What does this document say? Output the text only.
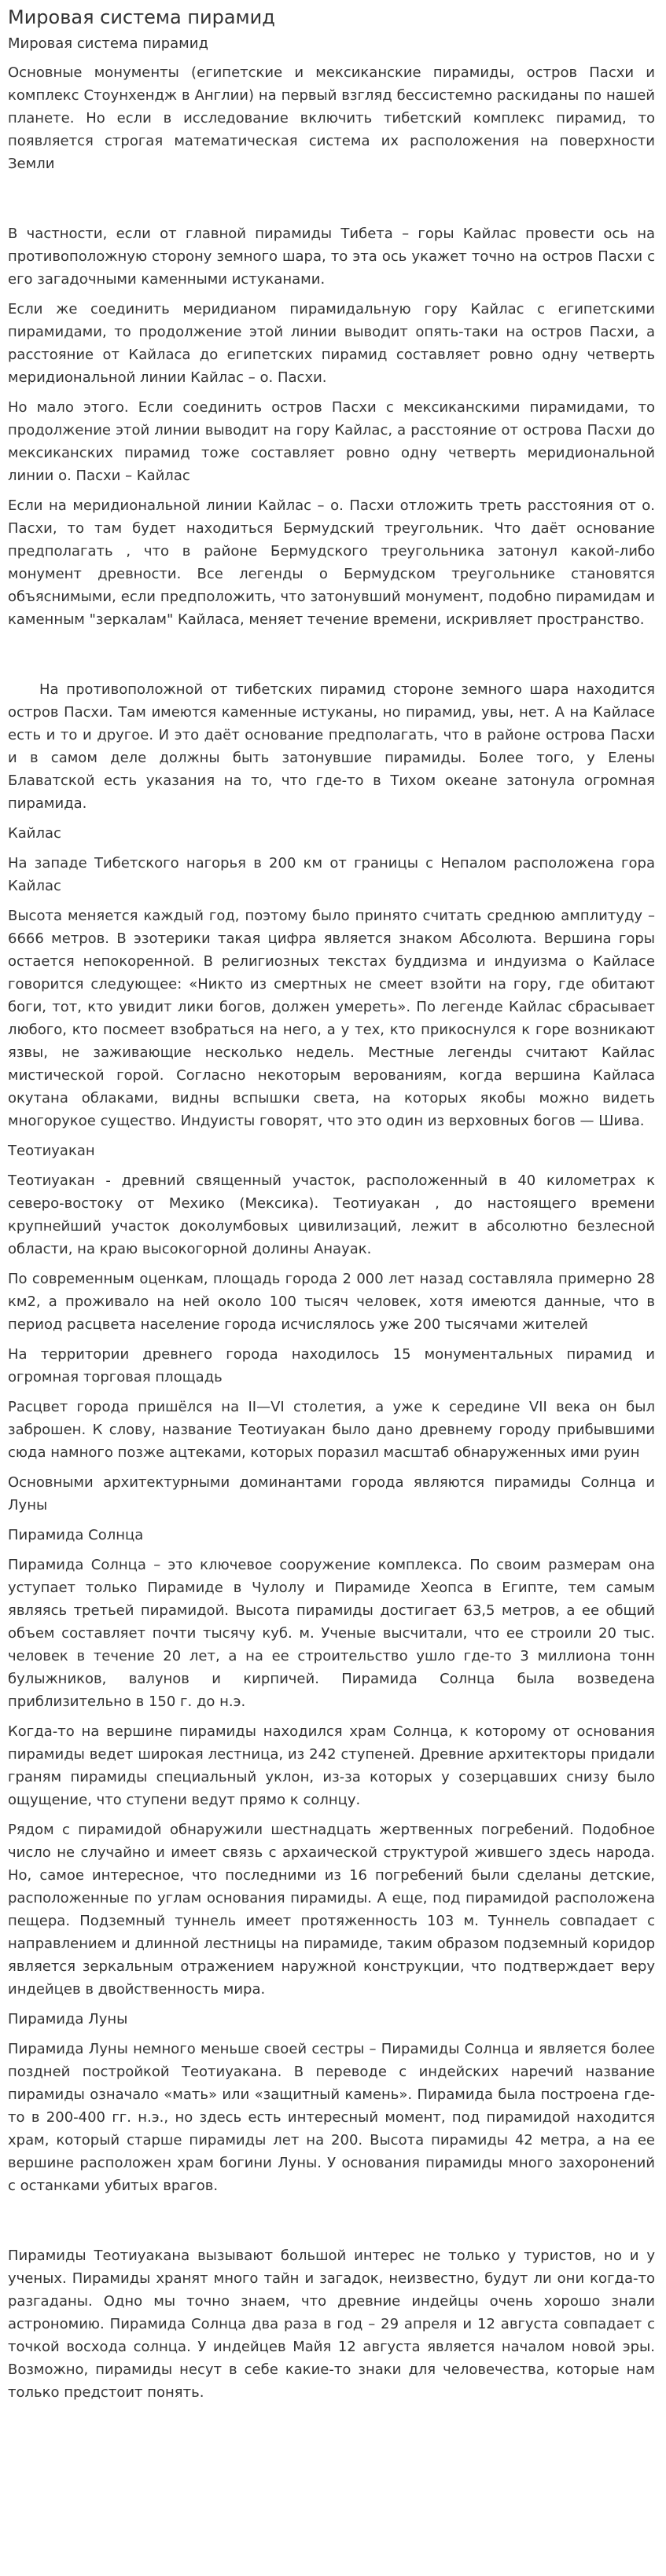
Мировая система пирамид
Мировая система пирамид

Основные монументы (египетские и мексиканские пирамиды, остров Пасхи и комплекс Стоунхендж в Англии) на первый взгляд бессистемно раскиданы по нашей планете. Но если в исследование включить тибетский комплекс пирамид, то появляется строгая математическая система их расположения на поверхности Земли

В частности, если от главной пирамиды Тибета – горы Кайлас провести ось на противоположную сторону земного шара, то эта ось укажет точно на остров Пасхи с его загадочными каменными истуканами.

Если же соединить меридианом пирамидальную гору Кайлас с египетскими пирамидами, то продолжение этой линии выводит опять-таки на остров Пасхи, а расстояние от Кайласа до египетских пирамид составляет ровно одну четверть меридиональной линии Кайлас – о. Пасхи.

Но мало этого. Если соединить остров Пасхи с мексиканскими пирамидами, то продолжение этой линии выводит на гору Кайлас, а расстояние от острова Пасхи до мексиканских пирамид тоже составляет ровно одну четверть меридиональной линии о. Пасхи – Кайлас

Если на меридиональной линии Кайлас – о. Пасхи отложить треть расстояния от о. Пасхи, то там будет находиться Бермудский треугольник. Что даёт основание предполагать , что в районе Бермудского треугольника затонул какой-либо монумент древности. Все легенды о Бермудском треугольнике становятся объяснимыми, если предположить, что затонувший монумент, подобно пирамидам и каменным "зеркалам" Кайласа, меняет течение времени, искривляет пространство.

На противоположной от тибетских пирамид стороне земного шара находится остров Пасхи. Там имеются каменные истуканы, но пирамид, увы, нет. А на Кайласе есть и то и другое. И это даёт основание предполагать, что в районе острова Пасхи и в самом деле должны быть затонувшие пирамиды. Более того, у Елены Блаватской есть указания на то, что где-то в Тихом океане затонула огромная пирамида.

Кайлас

На западе Тибетского нагорья в 200 км от границы с Непалом расположена гора Кайлас

Высота меняется каждый год, поэтому было принято считать среднюю амплитуду –6666 метров. В эзотерики такая цифра является знаком Абсолюта. Вершина горы остается непокоренной. В религиозных текстах буддизма и индуизма о Кайласе говорится следующее: «Никто из смертных не смеет взойти на гору, где обитают боги, тот, кто увидит лики богов, должен умереть». По легенде Кайлас сбрасывает любого, кто посмеет взобраться на него, а у тех, кто прикоснулся к горе возникают язвы, не заживающие несколько недель. Местные легенды считают Кайлас мистической горой. Согласно некоторым верованиям, когда вершина Кайласа окутана облаками, видны вспышки света, на которых якобы можно видеть многорукое существо. Индуисты говорят, что это один из верховных богов — Шива.

Теотиуакан

Теотиуакан - древний священный участок, расположенный в 40 километрах к северо-востоку от Мехико (Мексика). Теотиуакан , до настоящего времени крупнейший участок доколумбовых цивилизаций, лежит в абсолютно безлесной области, на краю высокогорной долины Анауак.

По современным оценкам, площадь города 2 000 лет назад составляла примерно 28 км2, а проживало на ней около 100 тысяч человек, хотя имеются данные, что в период расцвета население города исчислялось уже 200 тысячами жителей

На территории древнего города находилось 15 монументальных пирамид и огромная торговая площадь

Расцвет города пришёлся на II—VI столетия, а уже к середине VII века он был заброшен. К слову, название Теотиуакан было дано древнему городу прибывшими сюда намного позже ацтеками, которых поразил масштаб обнаруженных ими руин

Основными архитектурными доминантами города являются пирамиды Солнца и Луны

Пирамида Солнца

Пирамида Солнца – это ключевое сооружение комплекса. По своим размерам она уступает только Пирамиде в Чулолу и Пирамиде Хеопса в Египте, тем самым являясь третьей пирамидой. Высота пирамиды достигает 63,5 метров, а ее общий объем составляет почти тысячу куб. м. Ученые высчитали, что ее строили 20 тыс. человек в течение 20 лет, а на ее строительство ушло где-то 3 миллиона тонн булыжников, валунов и кирпичей. Пирамида Солнца была возведена приблизительно в 150 г. до н.э.

Когда-то на вершине пирамиды находился храм Солнца, к которому от основания пирамиды ведет широкая лестница, из 242 ступеней. Древние архитекторы придали граням пирамиды специальный уклон, из-за которых у созерцавших снизу было ощущение, что ступени ведут прямо к солнцу.

Рядом с пирамидой обнаружили шестнадцать жертвенных погребений. Подобное число не случайно и имеет связь с архаической структурой жившего здесь народа. Но, самое интересное, что последними из 16 погребений были сделаны детские, расположенные по углам основания пирамиды. А еще, под пирамидой расположена пещера. Подземный туннель имеет протяженность 103 м. Туннель совпадает с направлением и длинной лестницы на пирамиде, таким образом подземный коридор является зеркальным отражением наружной конструкции, что подтверждает веру индейцев в двойственность мира.

Пирамида Луны

Пирамида Луны немного меньше своей сестры – Пирамиды Солнца и является более поздней постройкой Теотиуакана. В переводе с индейских наречий название пирамиды означало «мать» или «защитный камень». Пирамида была построена где-то в 200-400 гг. н.э., но здесь есть интересный момент, под пирамидой находится храм, который старше пирамиды лет на 200. Высота пирамиды 42 метра, а на ее вершине расположен храм богини Луны. У основания пирамиды много захоронений с останками убитых врагов.

Пирамиды Теотиуакана вызывают большой интерес не только у туристов, но и у ученых. Пирамиды хранят много тайн и загадок, неизвестно, будут ли они когда-то разгаданы. Одно мы точно знаем, что древние индейцы очень хорошо знали астрономию. Пирамида Солнца два раза в год – 29 апреля и 12 августа совпадает с точкой восхода солнца. У индейцев Майя 12 августа является началом новой эры. Возможно, пирамиды несут в себе какие-то знаки для человечества, которые нам только предстоит понять.
